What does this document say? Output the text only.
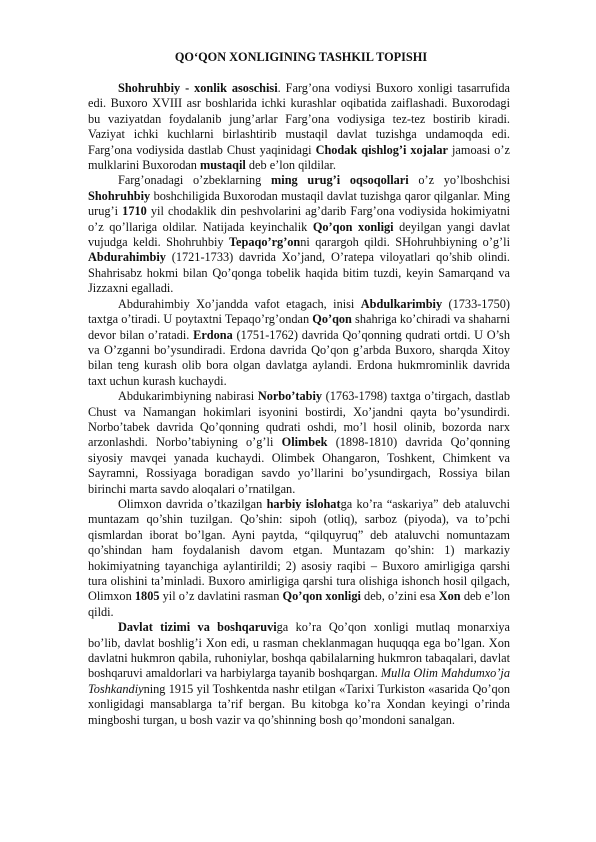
QO‘QON XONLIGINING TASHKIL TOPISHI

Shohruhbiy - xonlik asoschisi. Farg’ona vodiysi Buxoro xonligi tasarrufida edi. Buxoro XVIII asr boshlarida ichki kurashlar oqibatida zaiflashadi. Buxorodagi bu vaziyatdan foydalanib jung’arlar Farg’ona vodiysiga tez-tez bostirib kiradi. Vaziyat ichki kuchlarni birlashtirib mustaqil davlat tuzishga undamoqda edi. Farg’ona vodiysida dastlab Chust yaqinidagi Chodak qishlog’i xojalar jamoasi o’z mulklarini Buxorodan mustaqil deb e’lon qildilar.

Farg’onadagi o’zbeklarning ming urug’i oqsoqollari o’z yo’lboshchisi Shohruhbiy boshchiligida Buxorodan mustaqil davlat tuzishga qaror qilganlar. Ming urug’i 1710 yil chodaklik din peshvolarini ag’darib Farg’ona vodiysida hokimiyatni o’z qo’llariga oldilar. Natijada keyinchalik Qo’qon xonligi deyilgan yangi davlat vujudga keldi. Shohruhbiy Tepaqo’rg’onni qarargoh qildi. SHohruhbiyning o’g’li Abdurahimbiy (1721-1733) davrida Xo’jand, O’ratepa viloyatlari qo’shib olindi. Shahrisabz hokmi bilan Qo’qonga tobelik haqida bitim tuzdi, keyin Samarqand va Jizzaxni egalladi.

Abdurahimbiy Xo’jandda vafot etagach, inisi Abdulkarimbiy (1733-1750) taxtga o’tiradi. U poytaxtni Tepaqo’rg’ondan Qo’qon shahriga ko’chiradi va shaharni devor bilan o’ratadi. Erdona (1751-1762) davrida Qo’qonning qudrati ortdi. U O’sh va O’zganni bo’ysundiradi. Erdona davrida Qo’qon g’arbda Buxoro, sharqda Xitoy bilan teng kurash olib bora olgan davlatga aylandi. Erdona hukmrominlik davrida taxt uchun kurash kuchaydi.

Abdukarimbiyning nabirasi Norbo’tabiy (1763-1798) taxtga o’tirgach, dastlab Chust va Namangan hokimlari isyonini bostirdi, Xo’jandni qayta bo’ysundirdi. Norbo’tabek davrida Qo’qonning qudrati oshdi, mo’l hosil olinib, bozorda narx arzonlashdi. Norbo’tabiyning o’g’li Olimbek (1898-1810) davrida Qo’qonning siyosiy mavqei yanada kuchaydi. Olimbek Ohangaron, Toshkent, Chimkent va Sayramni, Rossiyaga boradigan savdo yo’llarini bo’ysundirgach, Rossiya bilan birinchi marta savdo aloqalari o’rnatilgan.

Olimxon davrida o’tkazilgan harbiy islohatga ko’ra “askariya” deb ataluvchi muntazam qo’shin tuzilgan. Qo’shin: sipoh (otliq), sarboz (piyoda), va to’pchi qismlardan iborat bo’lgan. Ayni paytda, “qilquyruq” deb ataluvchi nomuntazam qo’shindan ham foydalanish davom etgan. Muntazam qo’shin: 1) markaziy hokimiyatning tayanchiga aylantirildi; 2) asosiy raqibi – Buxoro amirligiga qarshi tura olishini ta’minladi. Buxoro amirligiga qarshi tura olishiga ishonch hosil qilgach, Olimxon 1805 yil o’z davlatini rasman Qo’qon xonligi deb, o’zini esa Xon deb e’lon qildi.

Davlat tizimi va boshqaruviga ko’ra Qo’qon xonligi mutlaq monarxiya bo’lib, davlat boshlig’i Xon edi, u rasman cheklanmagan huquqqa ega bo’lgan. Xon davlatni hukmron qabila, ruhoniylar, boshqa qabilalarning hukmron tabaqalari, davlat boshqaruvi amaldorlari va harbiylarga tayanib boshqargan. Mulla Olim Mahdumxo’ja Toshkandiyning 1915 yil Toshkentda nashr etilgan «Tarixi Turkiston «asarida Qo’qon xonligidagi mansablarga ta’rif bergan. Bu kitobga ko’ra Xondan keyingi o’rinda mingboshi turgan, u bosh vazir va qo’shinning bosh qo’mondoni sanalgan.
